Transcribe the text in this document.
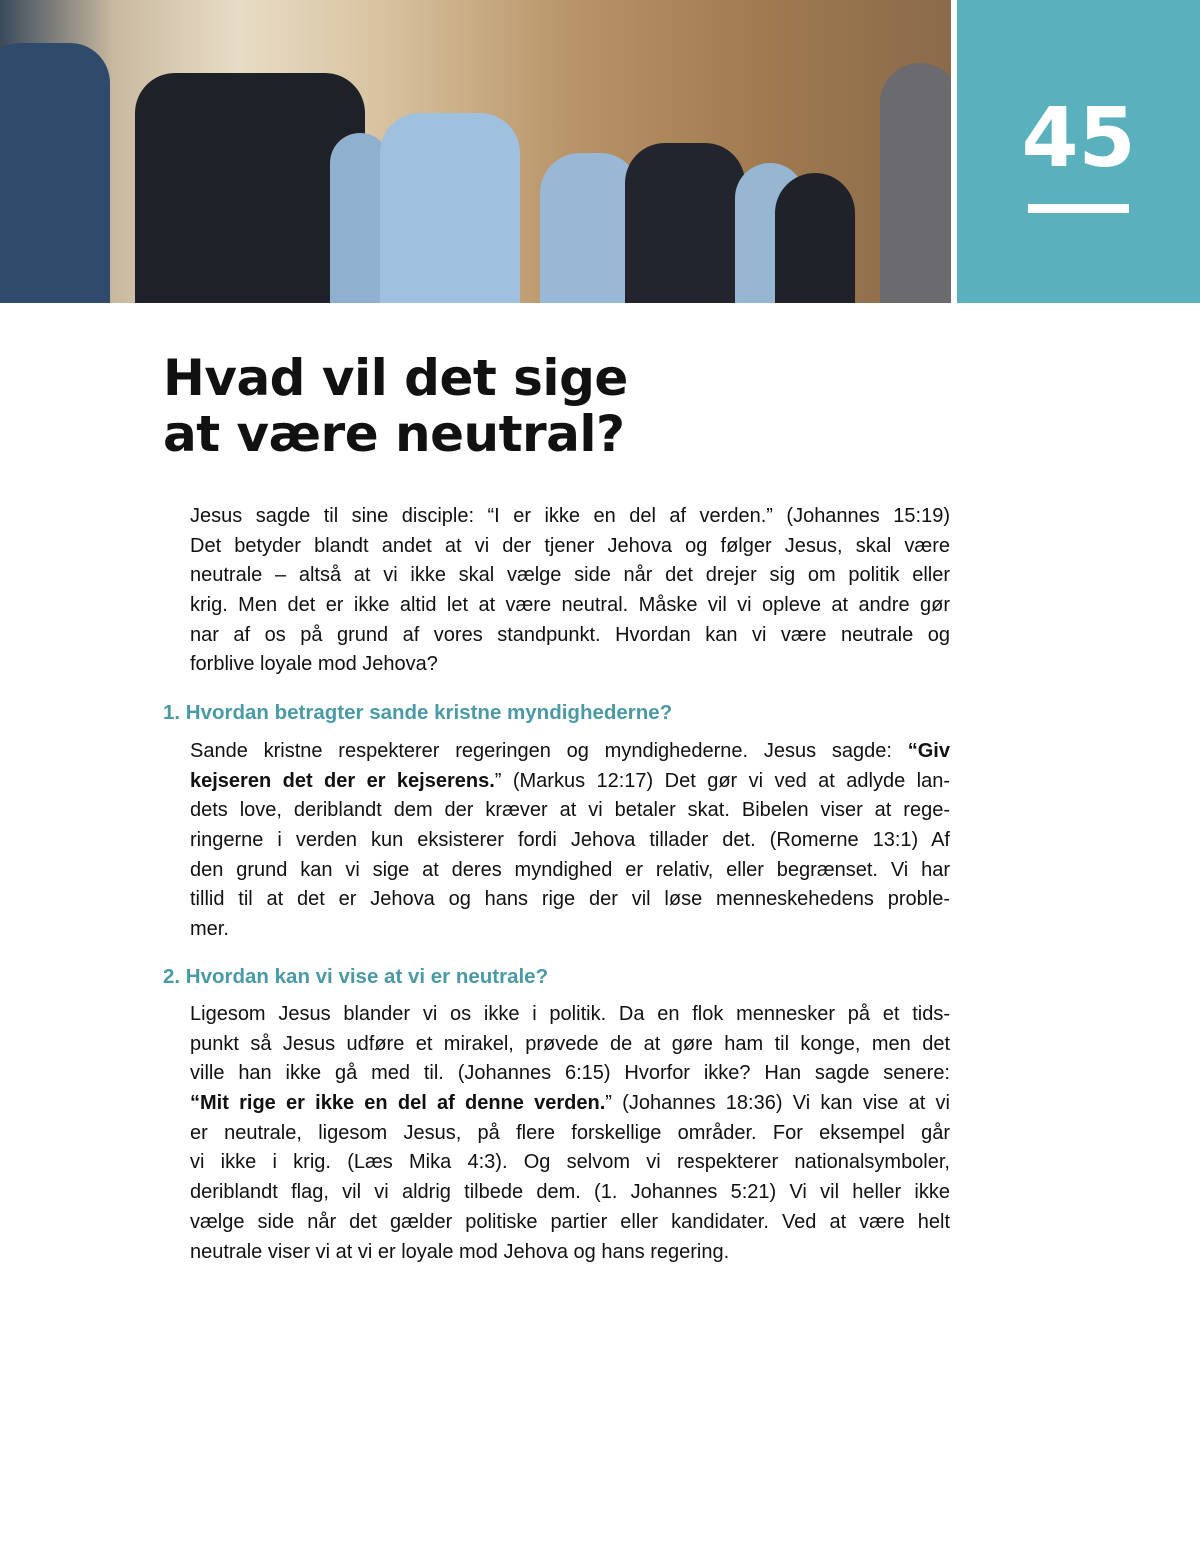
45
Hvad vil det sige
at være neutral?
Jesus sagde til sine disciple: “I er ikke en del af verden.” (Johannes 15:19)
Det betyder blandt andet at vi der tjener Jehova og følger Jesus, skal være
neutrale – altså at vi ikke skal vælge side når det drejer sig om politik eller
krig. Men det er ikke altid let at være neutral. Måske vil vi opleve at andre gør
nar af os på grund af vores standpunkt. Hvordan kan vi være neutrale og
forblive loyale mod Jehova?
1. Hvordan betragter sande kristne myndighederne?
Sande kristne respekterer regeringen og myndighederne. Jesus sagde: “Giv
kejseren det der er kejserens.” (Markus 12:17) Det gør vi ved at adlyde lan-
dets love, deriblandt dem der kræver at vi betaler skat. Bibelen viser at rege-
ringerne i verden kun eksisterer fordi Jehova tillader det. (Romerne 13:1) Af
den grund kan vi sige at deres myndighed er relativ, eller begrænset. Vi har
tillid til at det er Jehova og hans rige der vil løse menneskehedens proble-
mer.
2. Hvordan kan vi vise at vi er neutrale?
Ligesom Jesus blander vi os ikke i politik. Da en flok mennesker på et tids-
punkt så Jesus udføre et mirakel, prøvede de at gøre ham til konge, men det
ville han ikke gå med til. (Johannes 6:15) Hvorfor ikke? Han sagde senere:
“Mit rige er ikke en del af denne verden.” (Johannes 18:36) Vi kan vise at vi
er neutrale, ligesom Jesus, på flere forskellige områder. For eksempel går
vi ikke i krig. (Læs Mika 4:3). Og selvom vi respekterer nationalsymboler,
deriblandt flag, vil vi aldrig tilbede dem. (1. Johannes 5:21) Vi vil heller ikke
vælge side når det gælder politiske partier eller kandidater. Ved at være helt
neutrale viser vi at vi er loyale mod Jehova og hans regering.
